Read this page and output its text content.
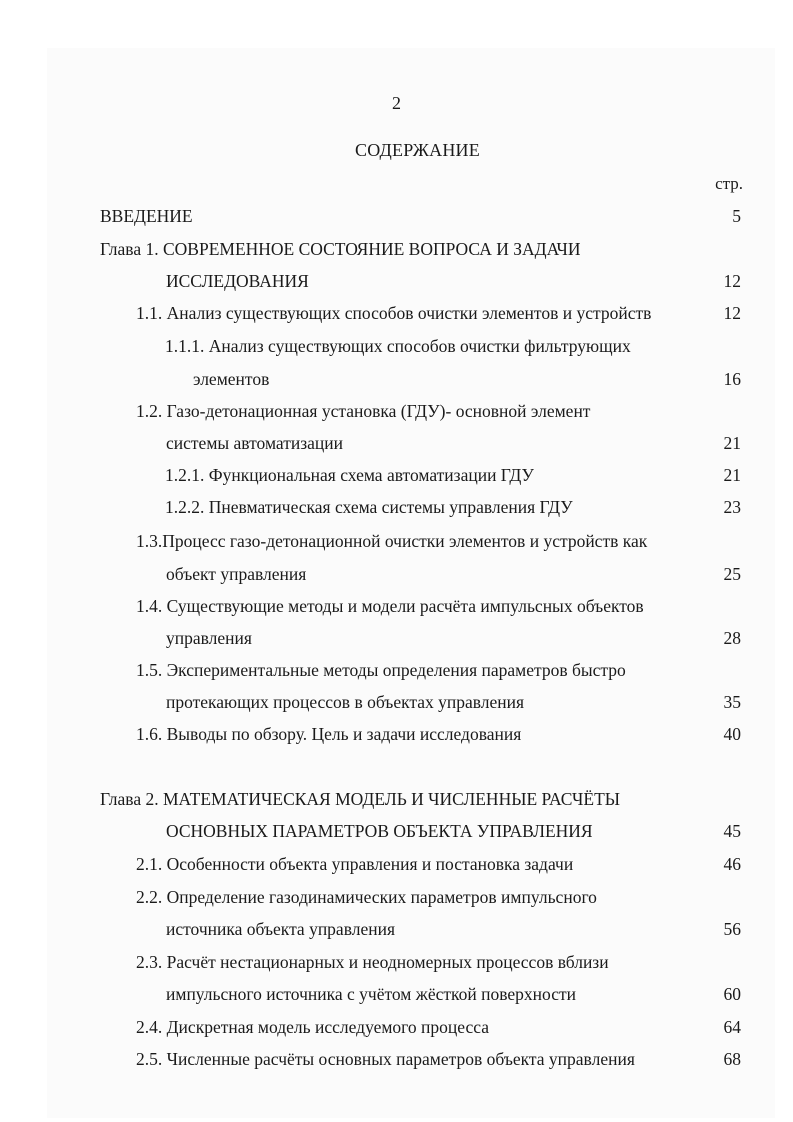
2
СОДЕРЖАНИЕ
стр.
ВВЕДЕНИЕ	5
Глава 1. СОВРЕМЕННОЕ СОСТОЯНИЕ ВОПРОСА И ЗАДАЧИ
ИССЛЕДОВАНИЯ	12
1.1. Анализ существующих способов очистки элементов и устройств	12
1.1.1. Анализ существующих способов очистки фильтрующих
элементов	16
1.2. Газо-детонационная установка (ГДУ)- основной элемент
системы автоматизации	21
1.2.1. Функциональная схема автоматизации ГДУ	21
1.2.2. Пневматическая схема системы управления ГДУ	23
1.3.Процесс газо-детонационной очистки элементов и устройств как
объект управления	25
1.4. Существующие методы и модели расчёта импульсных объектов
управления	28
1.5. Экспериментальные методы определения параметров быстро
протекающих процессов в объектах управления	35
1.6. Выводы по обзору. Цель и задачи исследования	40
Глава 2. МАТЕМАТИЧЕСКАЯ МОДЕЛЬ И ЧИСЛЕННЫЕ РАСЧЁТЫ
ОСНОВНЫХ ПАРАМЕТРОВ ОБЪЕКТА УПРАВЛЕНИЯ	45
2.1. Особенности объекта управления и постановка задачи	46
2.2. Определение газодинамических параметров импульсного
источника объекта управления	56
2.3. Расчёт нестационарных и неодномерных процессов вблизи
импульсного источника с учётом жёсткой поверхности	60
2.4. Дискретная модель исследуемого процесса	64
2.5. Численные расчёты основных параметров объекта управления	68
